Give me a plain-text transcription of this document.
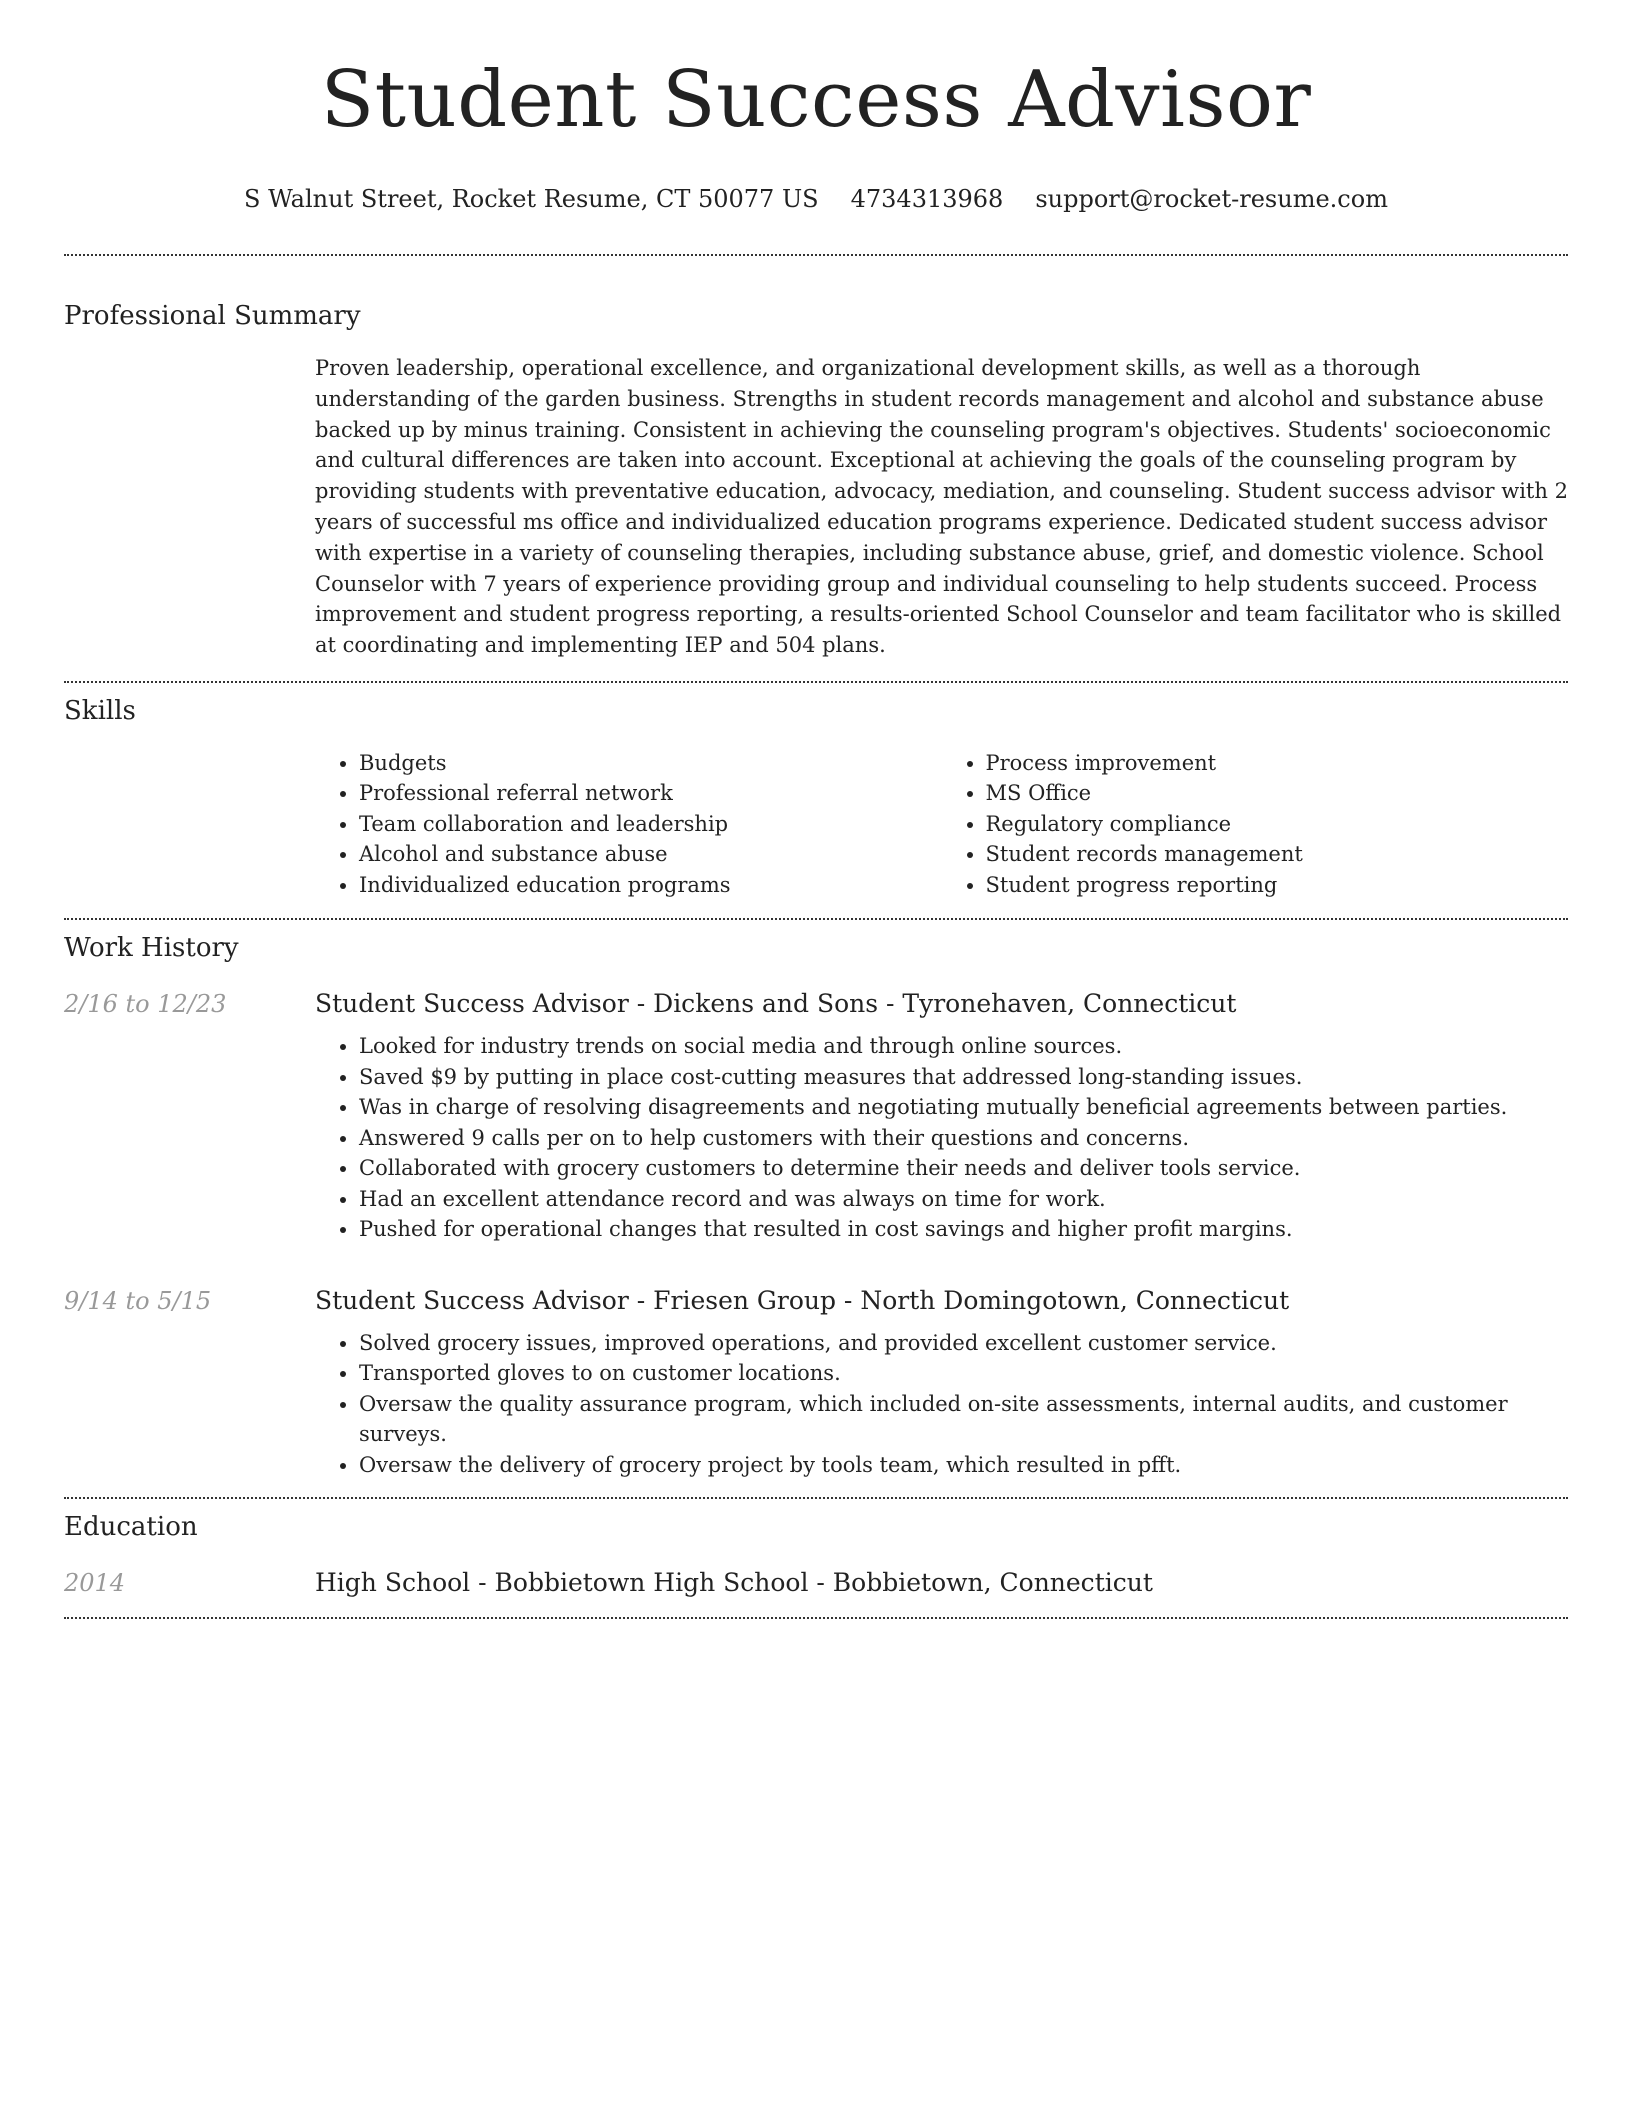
Student Success Advisor
S Walnut Street, Rocket Resume, CT 50077 US 4734313968 support@rocket-resume.com
Professional Summary

Proven leadership, operational excellence, and organizational development skills, as well as a thorough understanding of the garden business. Strengths in student records management and alcohol and substance abuse backed up by minus training. Consistent in achieving the counseling program's objectives. Students' socioeconomic and cultural differences are taken into account. Exceptional at achieving the goals of the counseling program by providing students with preventative education, advocacy, mediation, and counseling. Student success advisor with 2 years of successful ms office and individualized education programs experience. Dedicated student success advisor with expertise in a variety of counseling therapies, including substance abuse, grief, and domestic violence. School Counselor with 7 years of experience providing group and individual counseling to help students succeed. Process improvement and student progress reporting, a results-oriented School Counselor and team facilitator who is skilled at coordinating and implementing IEP and 504 plans.

Skills
• Budgets
• Professional referral network
• Team collaboration and leadership
• Alcohol and substance abuse
• Individualized education programs
• Process improvement
• MS Office
• Regulatory compliance
• Student records management
• Student progress reporting
Work History
2/16 to 12/23	Student Success Advisor - Dickens and Sons - Tyronehaven, Connecticut
• Looked for industry trends on social media and through online sources.
• Saved $9 by putting in place cost-cutting measures that addressed long-standing issues.
• Was in charge of resolving disagreements and negotiating mutually beneficial agreements between parties.
• Answered 9 calls per on to help customers with their questions and concerns.
• Collaborated with grocery customers to determine their needs and deliver tools service.
• Had an excellent attendance record and was always on time for work.
• Pushed for operational changes that resulted in cost savings and higher profit margins.
9/14 to 5/15	Student Success Advisor - Friesen Group - North Domingotown, Connecticut
• Solved grocery issues, improved operations, and provided excellent customer service.
• Transported gloves to on customer locations.
• Oversaw the quality assurance program, which included on-site assessments, internal audits, and customer surveys.
• Oversaw the delivery of grocery project by tools team, which resulted in pfft.
Education
2014	High School - Bobbietown High School - Bobbietown, Connecticut
